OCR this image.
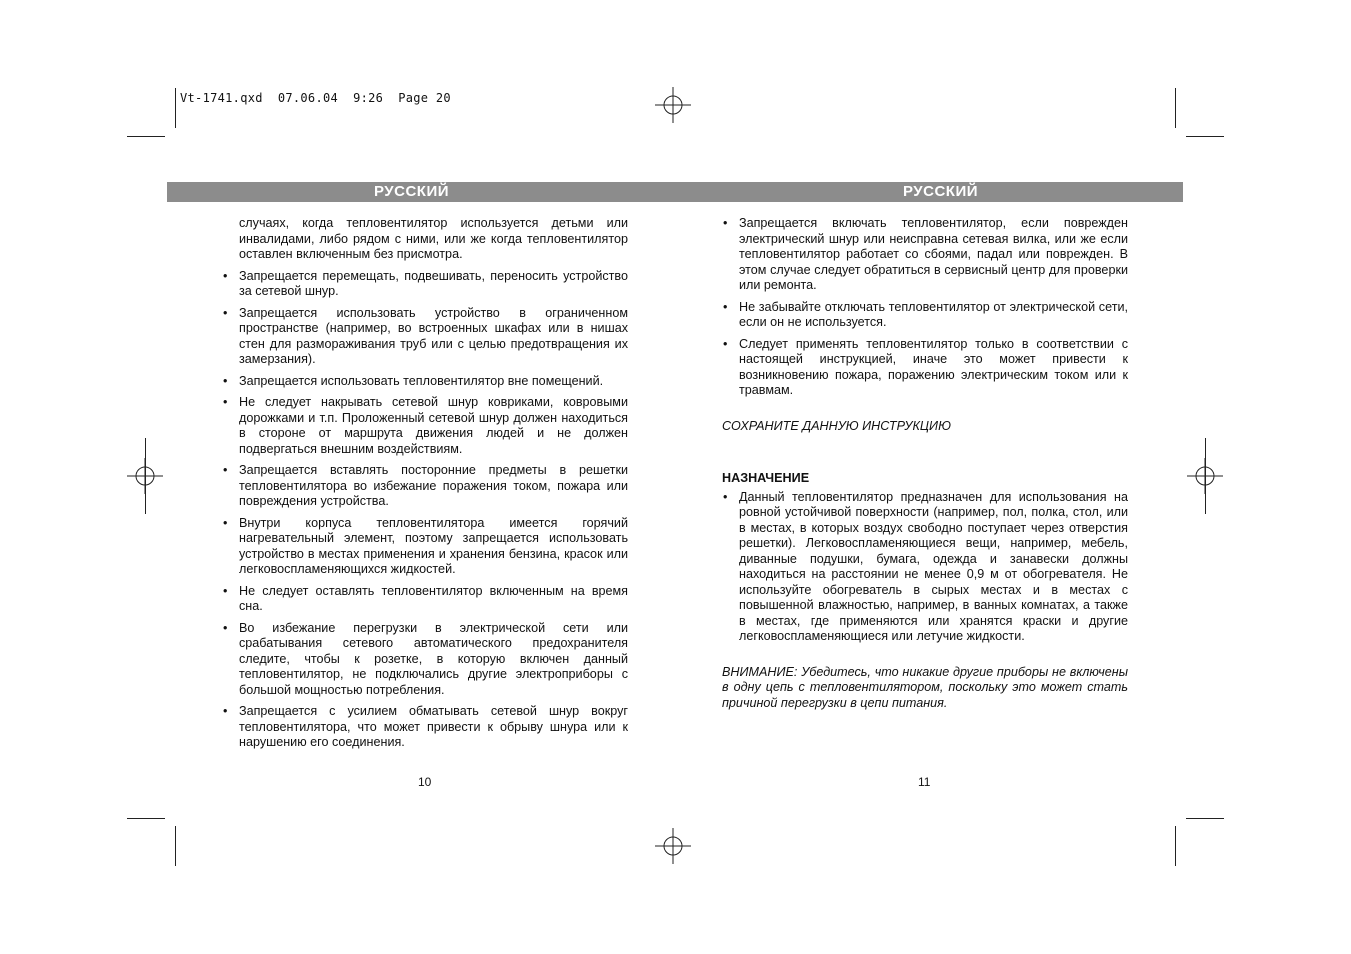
Vt-1741.qxd  07.06.04  9:26  Page 20
РУССКИЙ	РУССКИЙ

случаях, когда тепловентилятор используется детьми или инвалидами, либо рядом с ними, или же когда тепловентилятор оставлен включенным без присмотра.

• Запрещается перемещать, подвешивать, переносить устройство за сетевой шнур.
• Запрещается использовать устройство в ограниченном пространстве (например, во встроенных шкафах или в нишах стен для размораживания труб или с целью предотвращения их замерзания).
• Запрещается использовать тепловентилятор вне помещений.
• Не следует накрывать сетевой шнур ковриками, ковровыми дорожками и т.п. Проложенный сетевой шнур должен находиться в стороне от маршрута движения людей и не должен подвергаться внешним воздействиям.
• Запрещается вставлять посторонние предметы в решетки тепловентилятора во избежание поражения током, пожара или повреждения устройства.
• Внутри корпуса тепловентилятора имеется горячий нагревательный элемент, поэтому запрещается использовать устройство в местах применения и хранения бензина, красок или легковоспламеняющихся жидкостей.
• Не следует оставлять тепловентилятор включенным на время сна.
• Во избежание перегрузки в электрической сети или срабатывания сетевого автоматического предохранителя следите, чтобы к розетке, в которую включен данный тепловентилятор, не подключались другие электроприборы с большой мощностью потребления.
• Запрещается с усилием обматывать сетевой шнур вокруг тепловентилятора, что может привести к обрыву шнура или к нарушению его соединения.
• Запрещается включать тепловентилятор, если поврежден электрический шнур или неисправна сетевая вилка, или же если тепловентилятор работает со сбоями, падал или поврежден. В этом случае следует обратиться в сервисный центр для проверки или ремонта.
• Не забывайте отключать тепловентилятор от электрической сети, если он не используется.
• Следует применять тепловентилятор только в соответствии с настоящей инструкцией, иначе это может привести к возникновению пожара, поражению электрическим током или к травмам.

СОХРАНИТЕ ДАННУЮ ИНСТРУКЦИЮ

НАЗНАЧЕНИЕ

• Данный тепловентилятор предназначен для использования на ровной устойчивой поверхности (например, пол, полка, стол, или в местах, в которых воздух свободно поступает через отверстия решетки). Легковоспламеняющиеся вещи, например, мебель, диванные подушки, бумага, одежда и занавески должны находиться на расстоянии не менее 0,9 м от обогревателя. Не используйте обогреватель в сырых местах и в местах с повышенной влажностью, например, в ванных комнатах, а также в местах, где применяются или хранятся краски и другие легковоспламеняющиеся или летучие жидкости.

ВНИМАНИЕ: Убедитесь, что никакие другие приборы не включены в одну цепь с тепловентилятором, поскольку это может стать причиной перегрузки в цепи питания.

10	11
